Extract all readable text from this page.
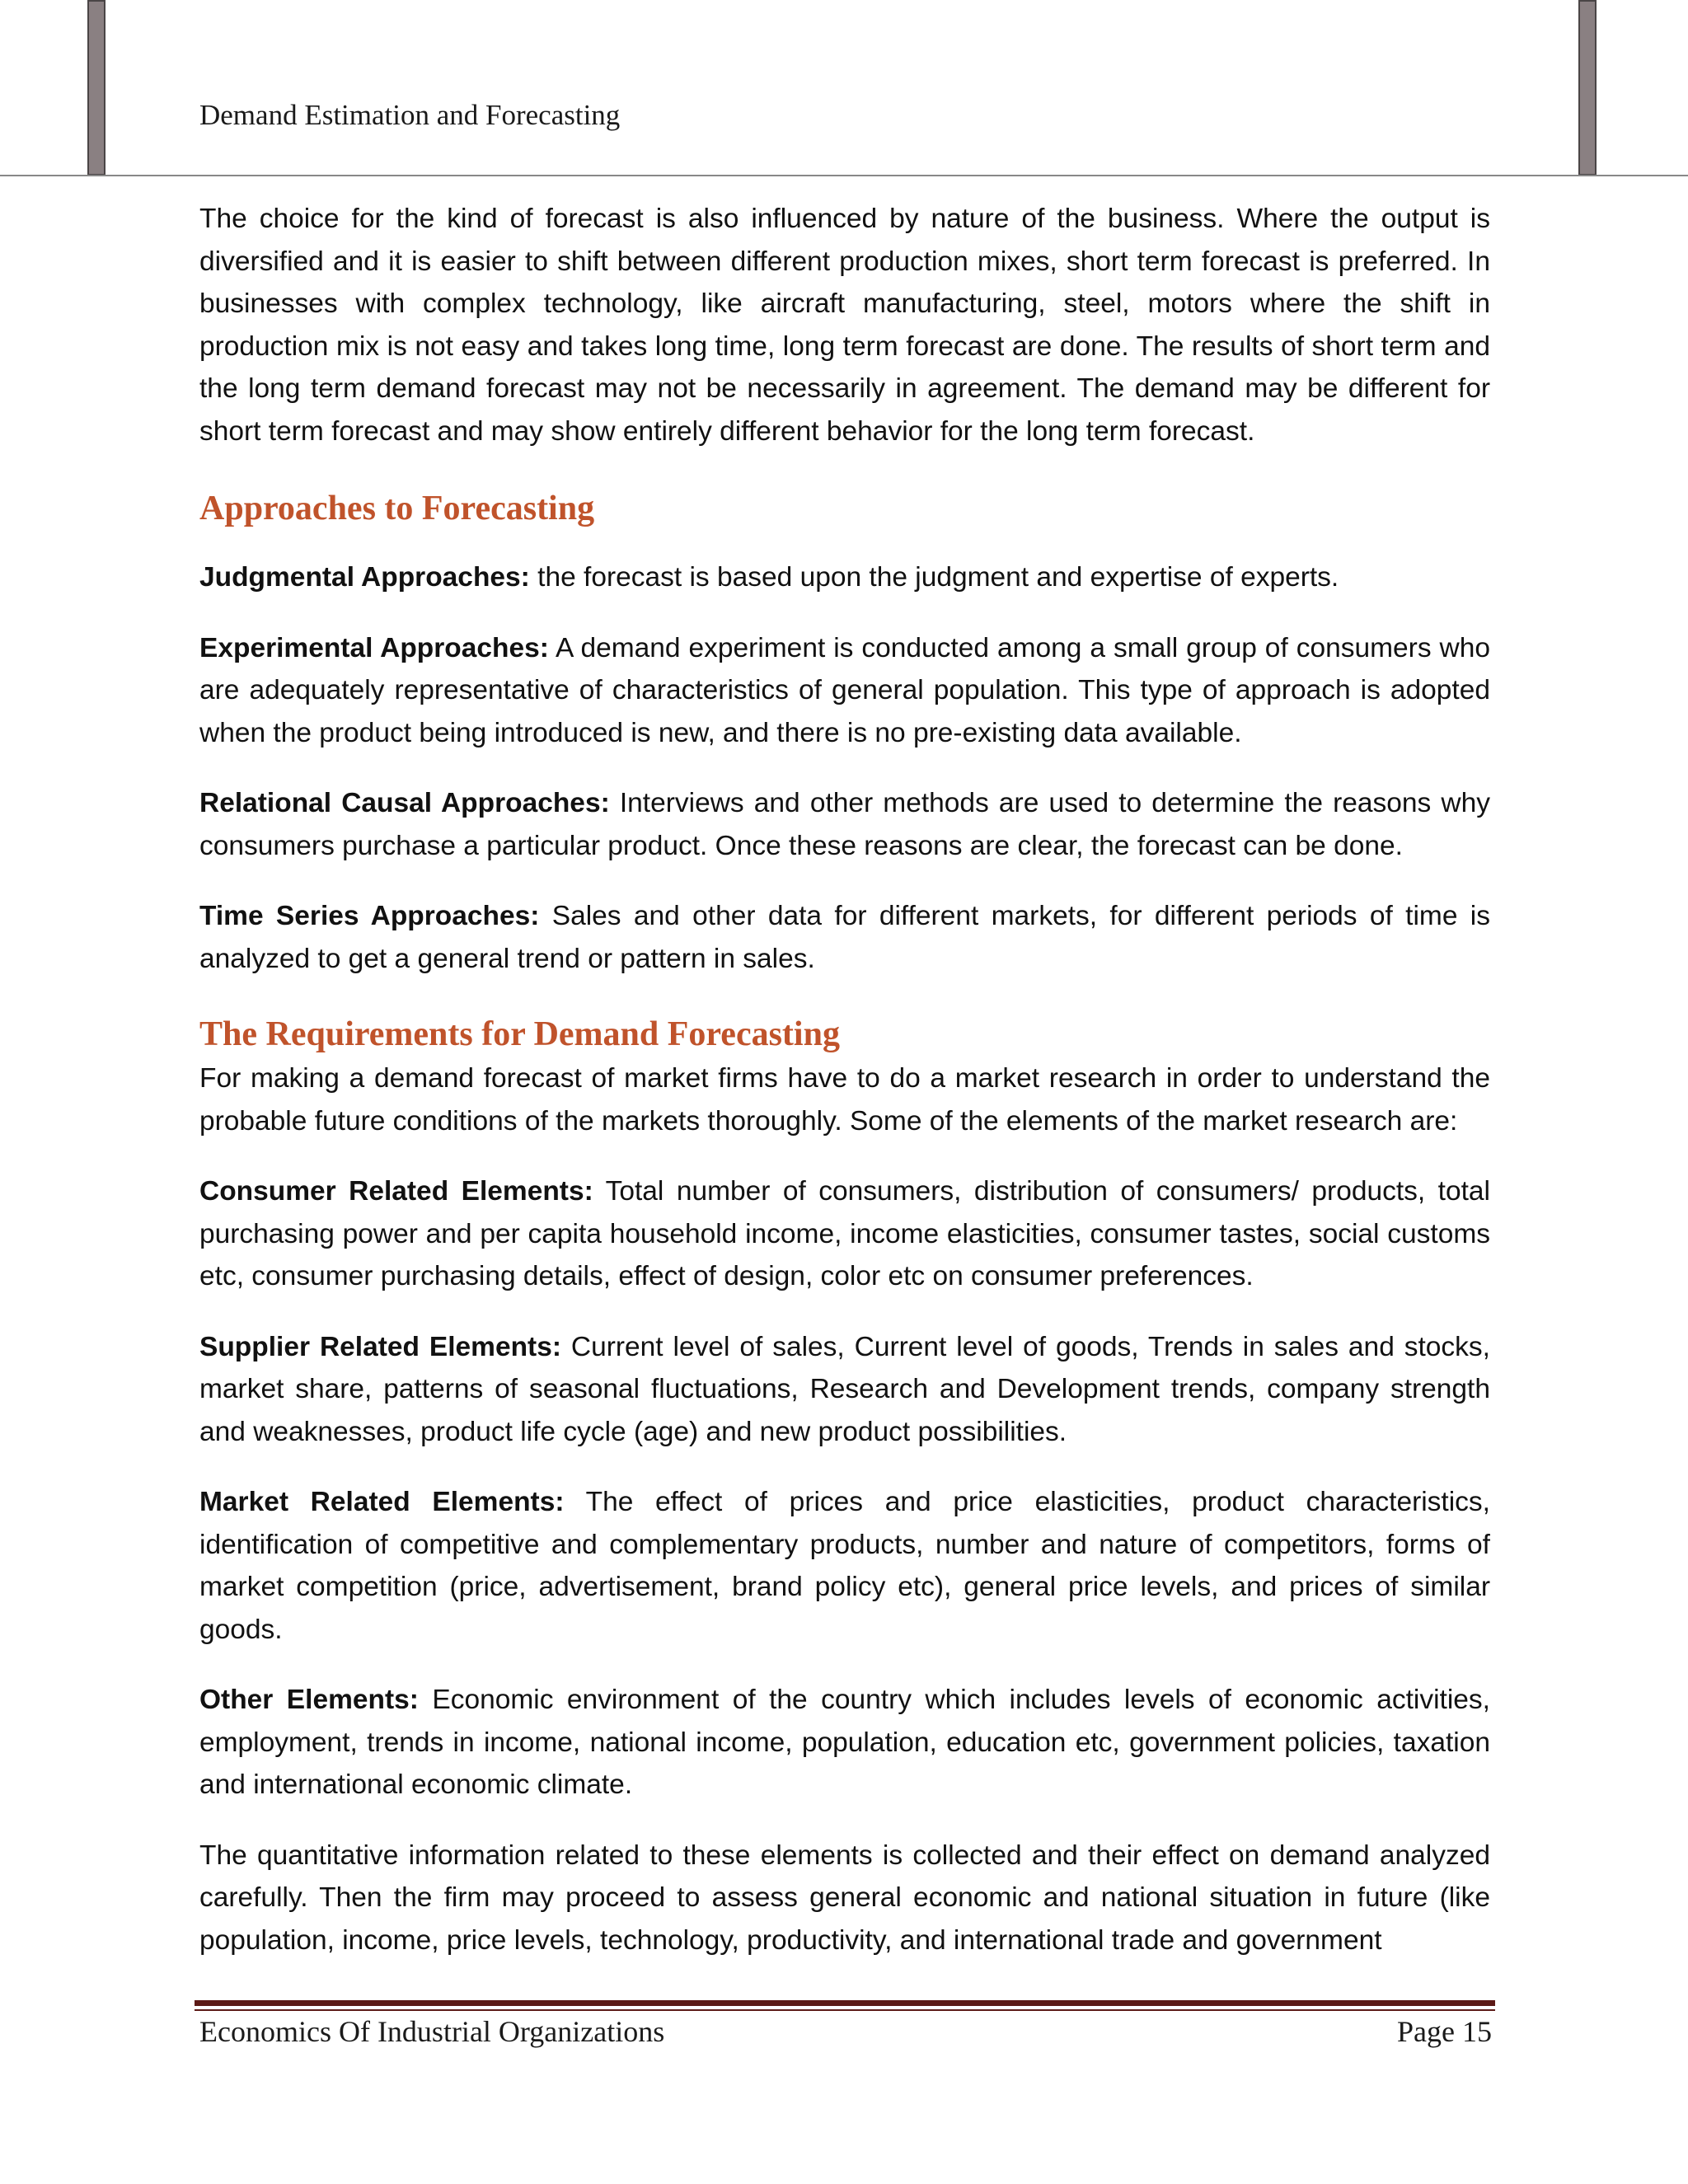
Demand Estimation and Forecasting

The choice for the kind of forecast is also influenced by nature of the business. Where the output is diversified and it is easier to shift between different production mixes, short term forecast is preferred. In businesses with complex technology, like aircraft manufacturing, steel, motors where the shift in production mix is not easy and takes long time, long term forecast are done. The results of short term and the long term demand forecast may not be necessarily in agreement. The demand may be different for short term forecast and may show entirely different behavior for the long term forecast.

Approaches to Forecasting

Judgmental Approaches: the forecast is based upon the judgment and expertise of experts.

Experimental Approaches: A demand experiment is conducted among a small group of consumers who are adequately representative of characteristics of general population. This type of approach is adopted when the product being introduced is new, and there is no pre-existing data available.

Relational Causal Approaches: Interviews and other methods are used to determine the reasons why consumers purchase a particular product. Once these reasons are clear, the forecast can be done.

Time Series Approaches: Sales and other data for different markets, for different periods of time is analyzed to get a general trend or pattern in sales.

The Requirements for Demand Forecasting

For making a demand forecast of market firms have to do a market research in order to understand the probable future conditions of the markets thoroughly. Some of the elements of the market research are:

Consumer Related Elements: Total number of consumers, distribution of consumers/ products, total purchasing power and per capita household income, income elasticities, consumer tastes, social customs etc, consumer purchasing details, effect of design, color etc on consumer preferences.

Supplier Related Elements: Current level of sales, Current level of goods, Trends in sales and stocks, market share, patterns of seasonal fluctuations, Research and Development trends, company strength and weaknesses, product life cycle (age) and new product possibilities.

Market Related Elements: The effect of prices and price elasticities, product characteristics, identification of competitive and complementary products, number and nature of competitors, forms of market competition (price, advertisement, brand policy etc), general price levels, and prices of similar goods.

Other Elements: Economic environment of the country which includes levels of economic activities, employment, trends in income, national income, population, education etc, government policies, taxation and international economic climate.

The quantitative information related to these elements is collected and their effect on demand analyzed carefully. Then the firm may proceed to assess general economic and national situation in future (like population, income, price levels, technology, productivity, and international trade and government

Economics Of Industrial Organizations	Page 15
